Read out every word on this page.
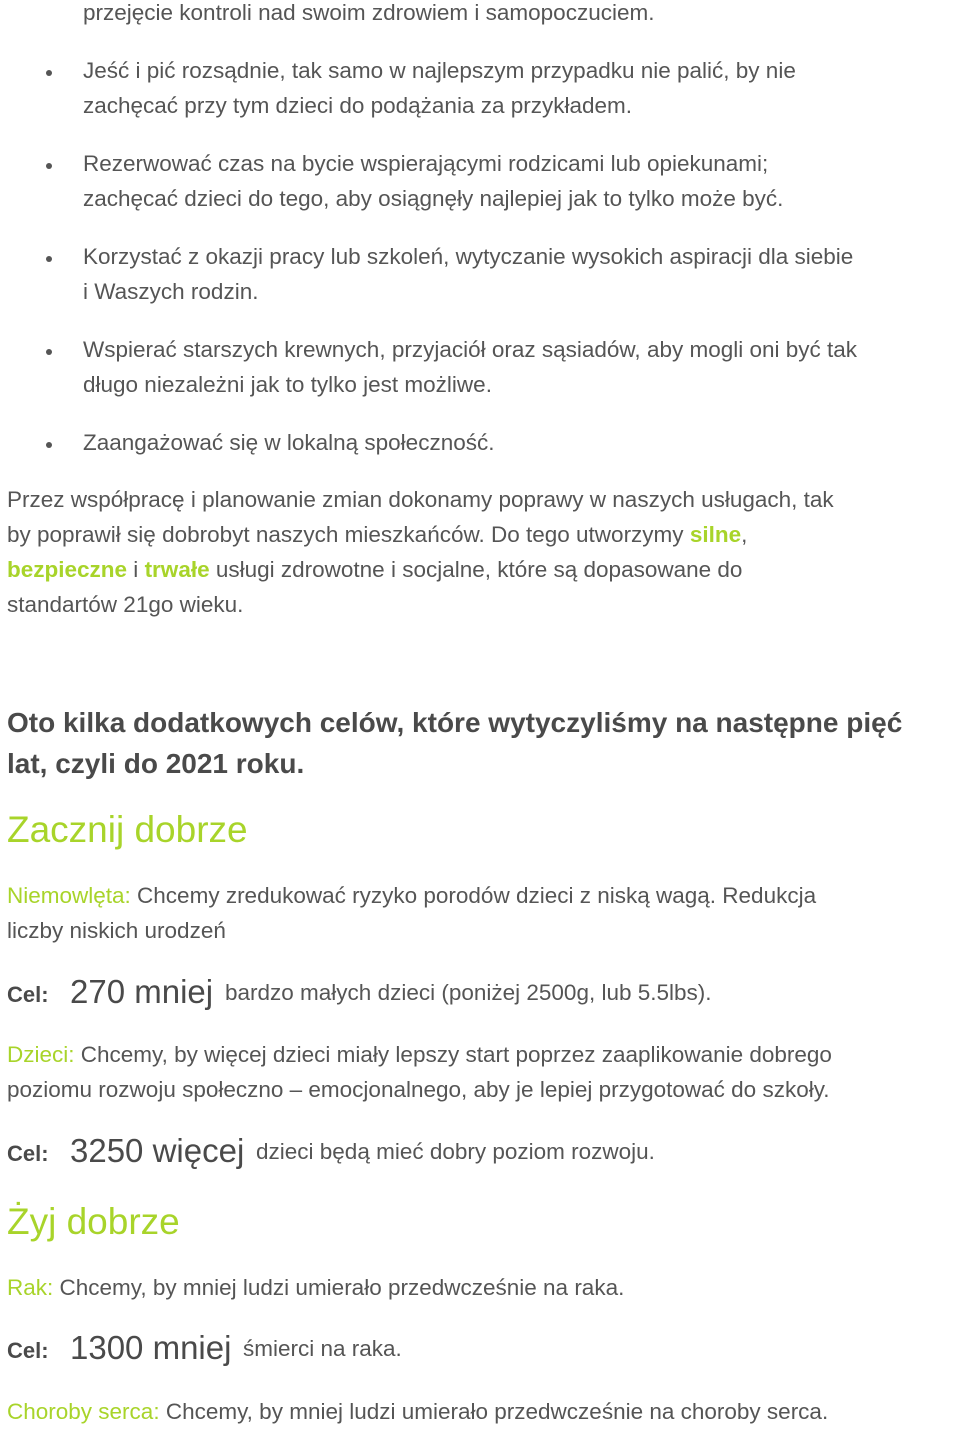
przejęcie kontroli nad swoim zdrowiem i samopoczuciem.
Jeść i pić rozsądnie, tak samo w najlepszym przypadku nie palić, by nie
zachęcać przy tym dzieci do podążania za przykładem.
Rezerwować czas na bycie wspierającymi rodzicami lub opiekunami;
zachęcać dzieci do tego, aby osiągnęły najlepiej jak to tylko może być.
Korzystać z okazji pracy lub szkoleń, wytyczanie wysokich aspiracji dla siebie
i Waszych rodzin.
Wspierać starszych krewnych, przyjaciół oraz sąsiadów, aby mogli oni być tak
długo niezależni jak to tylko jest możliwe.
Zaangażować się w lokalną społeczność.
Przez współpracę i planowanie zmian dokonamy poprawy w naszych usługach, tak
by poprawił się dobrobyt naszych mieszkańców. Do tego utworzymy silne,
bezpieczne i trwałe usługi zdrowotne i socjalne, które są dopasowane do
standartów 21go wieku.
Oto kilka dodatkowych celów, które wytyczyliśmy na następne pięć
lat, czyli do 2021 roku.
Zacznij dobrze
Niemowlęta: Chcemy zredukować ryzyko porodów dzieci z niską wagą. Redukcja
liczby niskich urodzeń
Cel: 270 mniej bardzo małych dzieci (poniżej 2500g, lub 5.5lbs).
Dzieci: Chcemy, by więcej dzieci miały lepszy start poprzez zaaplikowanie dobrego
poziomu rozwoju społeczno – emocjonalnego, aby je lepiej przygotować do szkoły.
Cel: 3250 więcej dzieci będą mieć dobry poziom rozwoju.
Żyj dobrze
Rak: Chcemy, by mniej ludzi umierało przedwcześnie na raka.
Cel: 1300 mniej śmierci na raka.
Choroby serca: Chcemy, by mniej ludzi umierało przedwcześnie na choroby serca.
